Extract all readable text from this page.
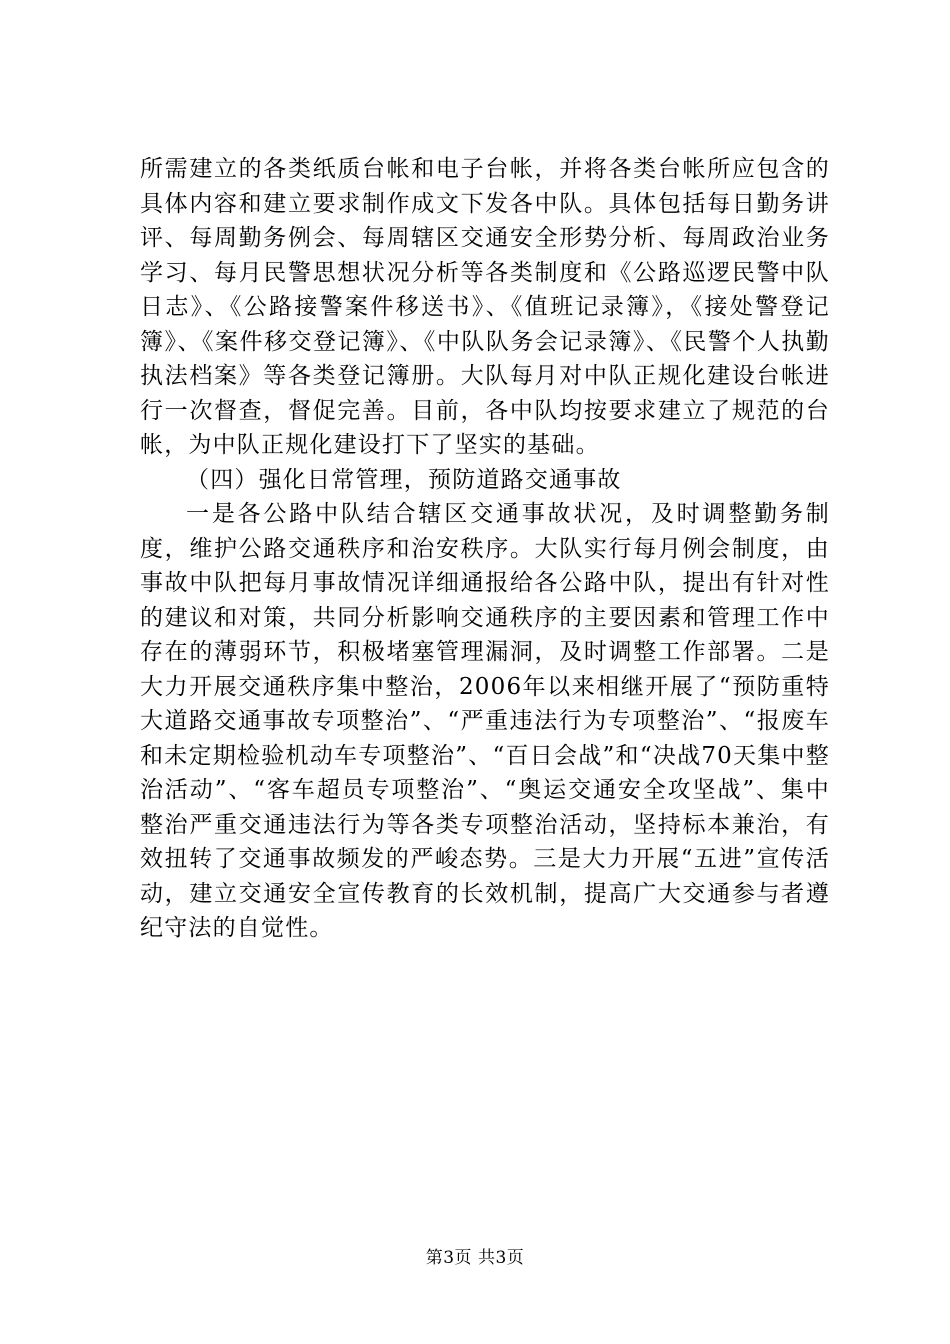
所需建立的各类纸质台帐和电子台帐，并将各类台帐所应包含的具体内容和建立要求制作成文下发各中队。具体包括每日勤务讲评、每周勤务例会、每周辖区交通安全形势分析、每周政治业务学习、每月民警思想状况分析等各类制度和《公路巡逻民警中队日志》、《公路接警案件移送书》、《值班记录簿》，《接处警登记簿》、《案件移交登记簿》、《中队队务会记录簿》、《民警个人执勤执法档案》等各类登记簿册。大队每月对中队正规化建设台帐进行一次督查，督促完善。目前，各中队均按要求建立了规范的台帐，为中队正规化建设打下了坚实的基础。

（四）强化日常管理，预防道路交通事故

一是各公路中队结合辖区交通事故状况，及时调整勤务制度，维护公路交通秩序和治安秩序。大队实行每月例会制度，由事故中队把每月事故情况详细通报给各公路中队，提出有针对性的建议和对策，共同分析影响交通秩序的主要因素和管理工作中存在的薄弱环节，积极堵塞管理漏洞，及时调整工作部署。二是大力开展交通秩序集中整治，2006年以来相继开展了“预防重特大道路交通事故专项整治”、“严重违法行为专项整治”、“报废车和未定期检验机动车专项整治”、“百日会战”和“决战70天集中整治活动”、“客车超员专项整治”、“奥运交通安全攻坚战”、集中整治严重交通违法行为等各类专项整治活动，坚持标本兼治，有效扭转了交通事故频发的严峻态势。三是大力开展“五进”宣传活动，建立交通安全宣传教育的长效机制，提高广大交通参与者遵纪守法的自觉性。

第3页 共3页
